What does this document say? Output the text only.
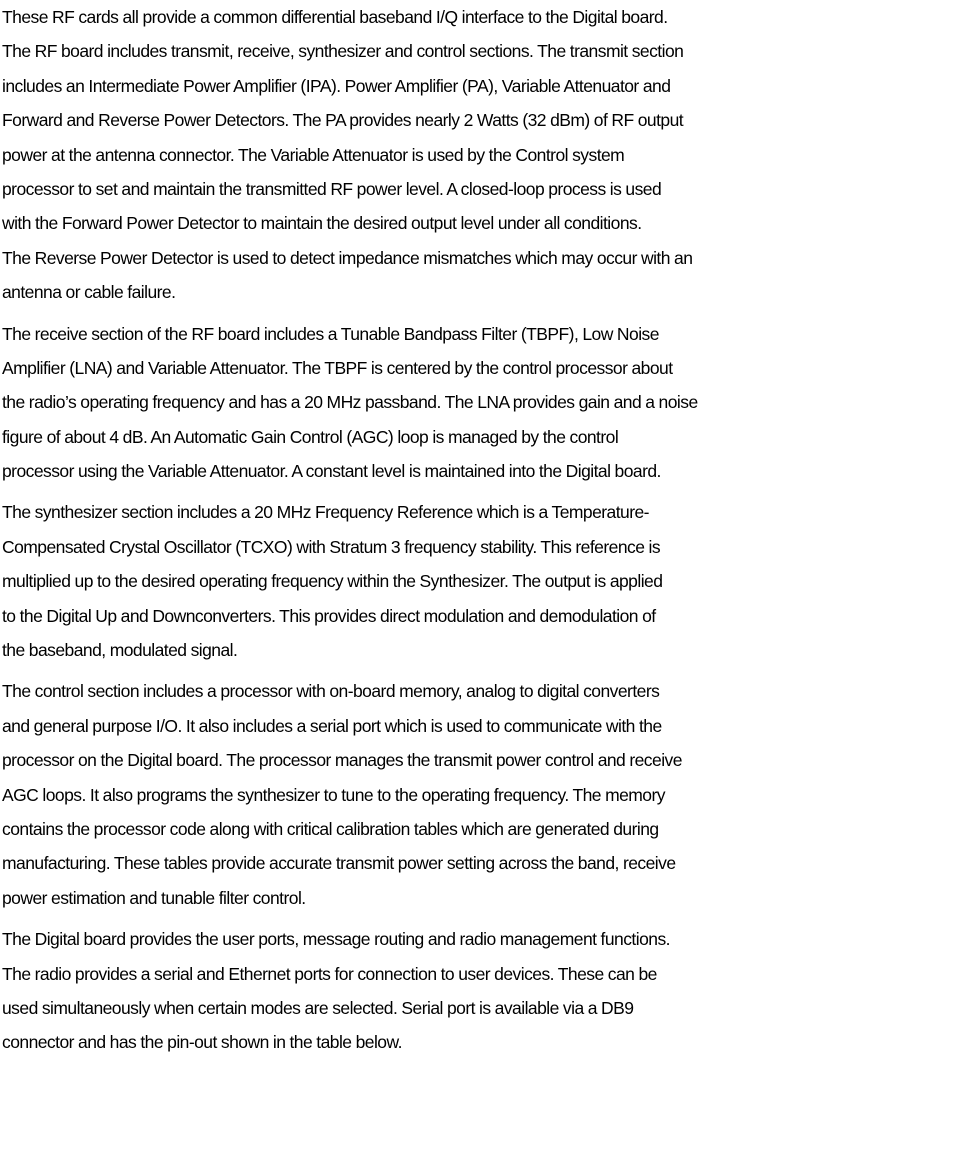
These RF cards all provide a common differential baseband I/Q interface to the Digital board.
The RF board includes transmit, receive, synthesizer and control sections. The transmit section
includes an Intermediate Power Amplifier (IPA). Power Amplifier (PA), Variable Attenuator and
Forward and Reverse Power Detectors. The PA provides nearly 2 Watts (32 dBm) of RF output
power at the antenna connector. The Variable Attenuator is used by the Control system
processor to set and maintain the transmitted RF power level. A closed-loop process is used
with the Forward Power Detector to maintain the desired output level under all conditions.
The Reverse Power Detector is used to detect impedance mismatches which may occur with an
antenna or cable failure.

The receive section of the RF board includes a Tunable Bandpass Filter (TBPF), Low Noise
Amplifier (LNA) and Variable Attenuator. The TBPF is centered by the control processor about
the radio’s operating frequency and has a 20 MHz passband. The LNA provides gain and a noise
figure of about 4 dB. An Automatic Gain Control (AGC) loop is managed by the control
processor using the Variable Attenuator. A constant level is maintained into the Digital board.

The synthesizer section includes a 20 MHz Frequency Reference which is a Temperature-
Compensated Crystal Oscillator (TCXO) with Stratum 3 frequency stability. This reference is
multiplied up to the desired operating frequency within the Synthesizer. The output is applied
to the Digital Up and Downconverters. This provides direct modulation and demodulation of
the baseband, modulated signal.

The control section includes a processor with on-board memory, analog to digital converters
and general purpose I/O. It also includes a serial port which is used to communicate with the
processor on the Digital board. The processor manages the transmit power control and receive
AGC loops. It also programs the synthesizer to tune to the operating frequency. The memory
contains the processor code along with critical calibration tables which are generated during
manufacturing. These tables provide accurate transmit power setting across the band, receive
power estimation and tunable filter control.

The Digital board provides the user ports, message routing and radio management functions.
The radio provides a serial and Ethernet ports for connection to user devices. These can be
used simultaneously when certain modes are selected. Serial port is available via a DB9
connector and has the pin-out shown in the table below.
